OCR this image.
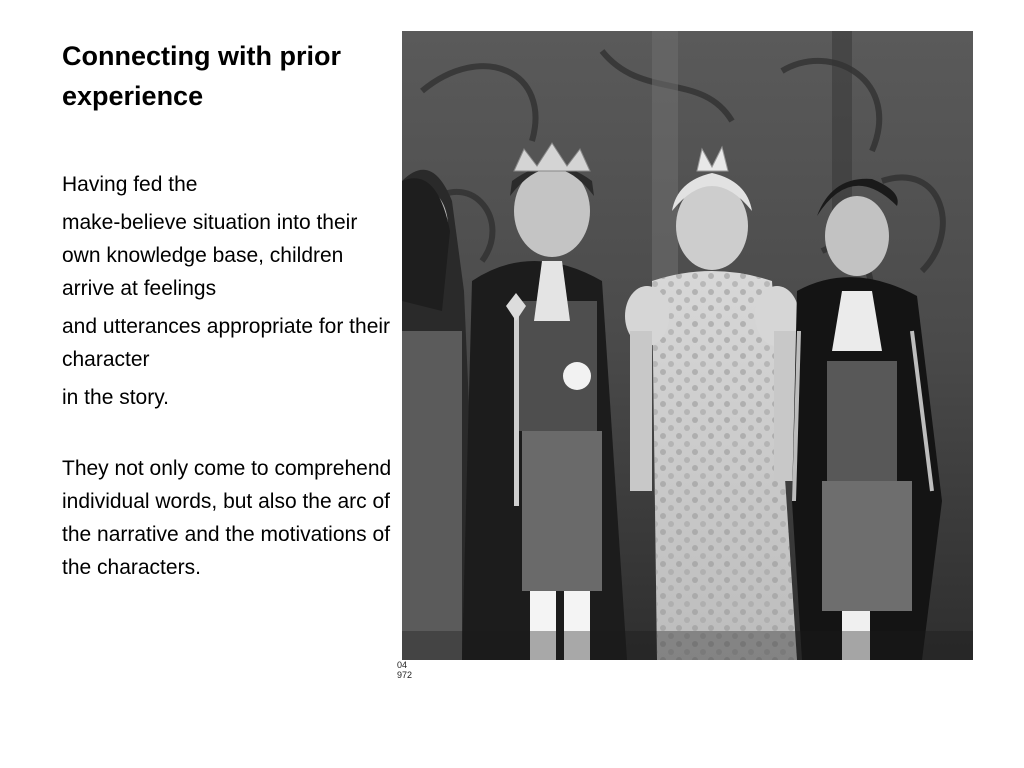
Connecting with prior experience

Having fed the

make-believe situation into their own knowledge base, children arrive at feelings

and utterances appropriate for their character

in the story.

They not only come to comprehend individual words, but also the arc of the narrative and the motivations of the characters.

04
972
